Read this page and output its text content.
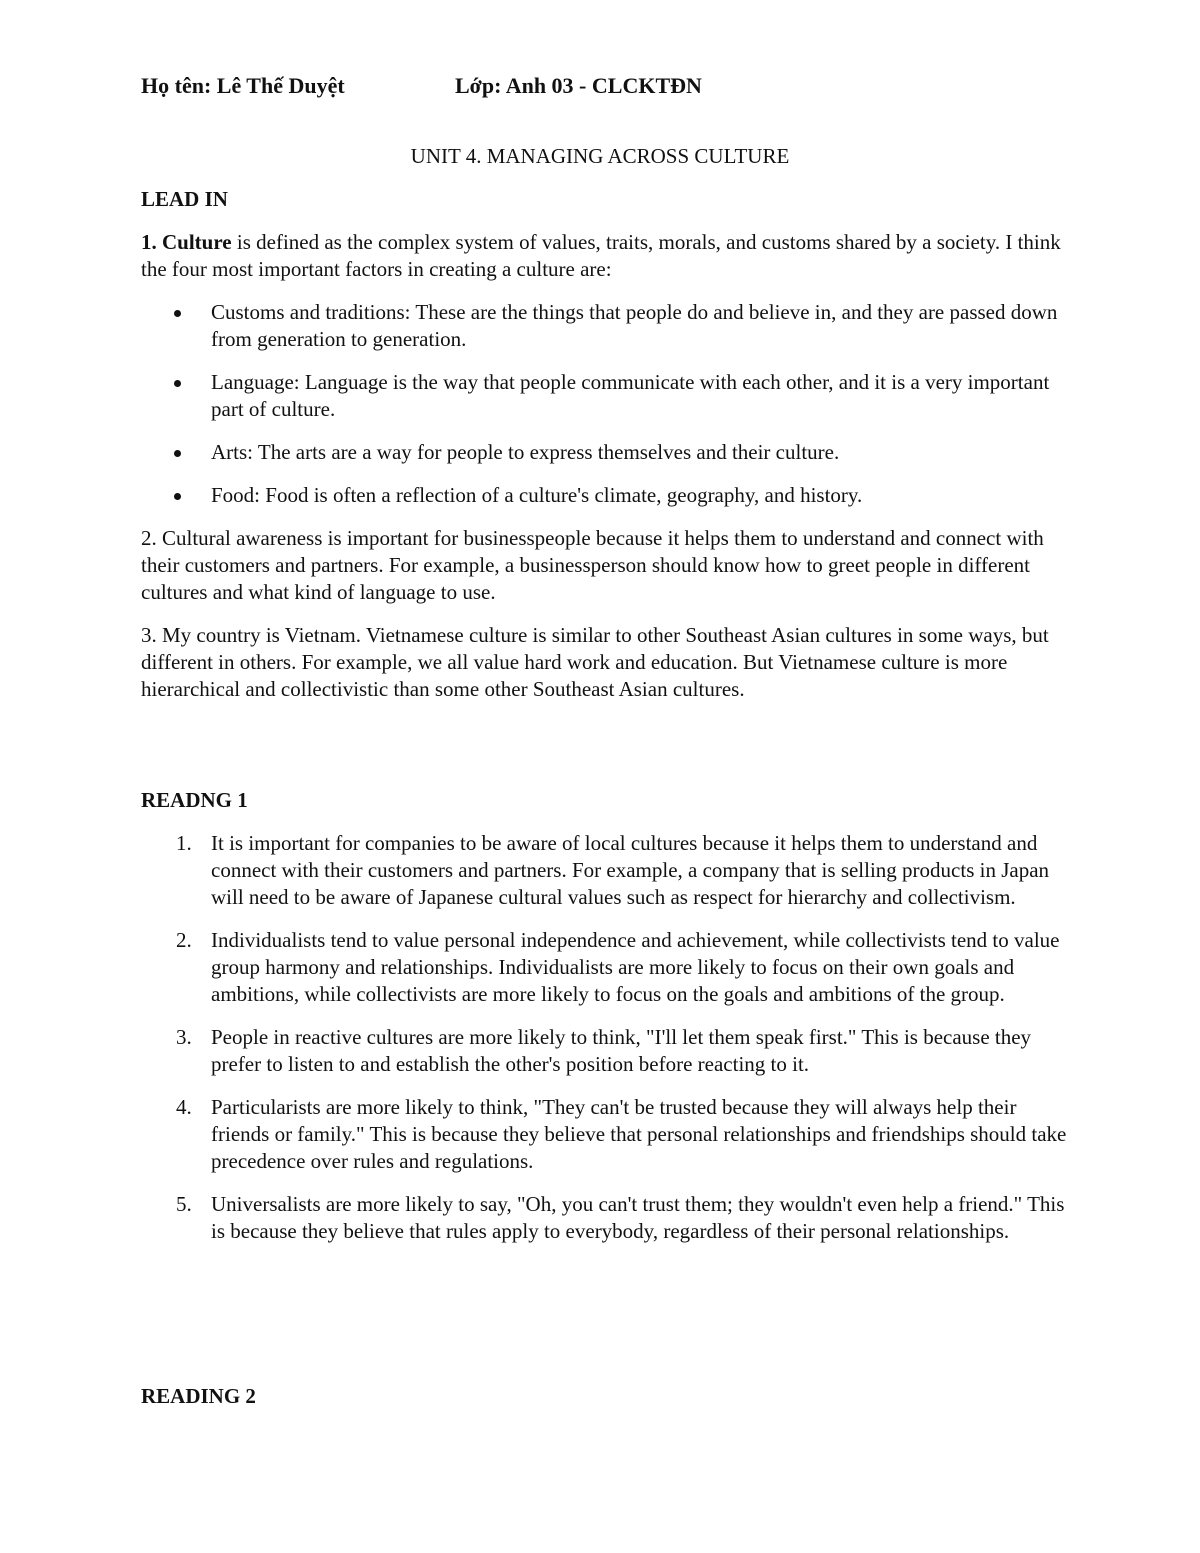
Họ tên: Lê Thế Duyệt	Lớp: Anh 03 - CLCKTĐN
UNIT 4. MANAGING ACROSS CULTURE

LEAD IN

1. Culture is defined as the complex system of values, traits, morals, and customs shared by a society. I think the four most important factors in creating a culture are:

Customs and traditions: These are the things that people do and believe in, and they are passed down from generation to generation.
Language: Language is the way that people communicate with each other, and it is a very important part of culture.
Arts: The arts are a way for people to express themselves and their culture.
Food: Food is often a reflection of a culture's climate, geography, and history.

2. Cultural awareness is important for businesspeople because it helps them to understand and connect with their customers and partners. For example, a businessperson should know how to greet people in different cultures and what kind of language to use.

3. My country is Vietnam. Vietnamese culture is similar to other Southeast Asian cultures in some ways, but different in others. For example, we all value hard work and education. But Vietnamese culture is more hierarchical and collectivistic than some other Southeast Asian cultures.

READNG 1

1. It is important for companies to be aware of local cultures because it helps them to understand and connect with their customers and partners. For example, a company that is selling products in Japan will need to be aware of Japanese cultural values such as respect for hierarchy and collectivism.
2. Individualists tend to value personal independence and achievement, while collectivists tend to value group harmony and relationships. Individualists are more likely to focus on their own goals and ambitions, while collectivists are more likely to focus on the goals and ambitions of the group.
3. People in reactive cultures are more likely to think, "I'll let them speak first." This is because they prefer to listen to and establish the other's position before reacting to it.
4. Particularists are more likely to think, "They can't be trusted because they will always help their friends or family." This is because they believe that personal relationships and friendships should take precedence over rules and regulations.
5. Universalists are more likely to say, "Oh, you can't trust them; they wouldn't even help a friend." This is because they believe that rules apply to everybody, regardless of their personal relationships.

READING 2
